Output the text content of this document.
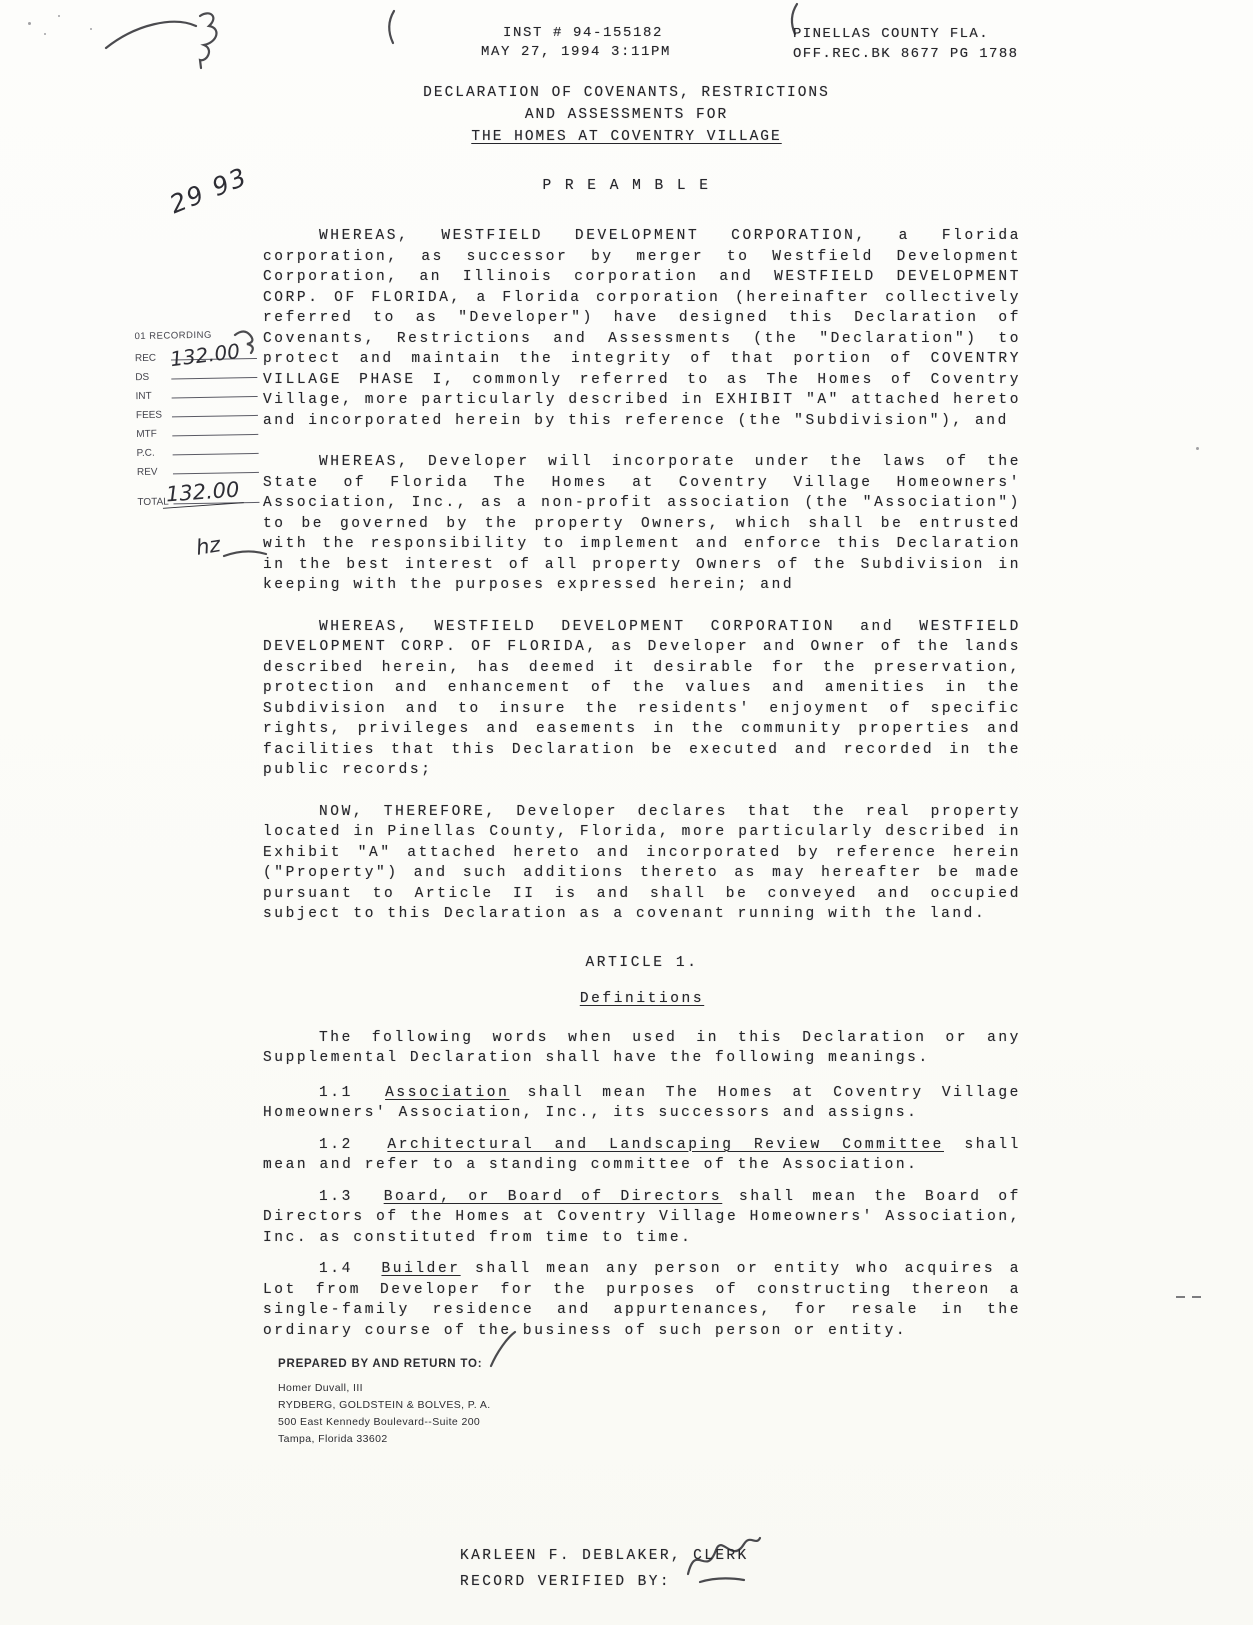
INST # 94-155182
MAY 27, 1994 3:11PM
PINELLAS COUNTY FLA.
OFF.REC.BK 8677 PG 1788
DECLARATION OF COVENANTS, RESTRICTIONS
AND ASSESSMENTS FOR
THE HOMES AT COVENTRY VILLAGE
P R E A M B L E
29 93
01 RECORDING
REC
DS
INT
FEES
MTF
P.C.
REV
TOTAL
132.00
132.00
hz

WHEREAS, WESTFIELD DEVELOPMENT CORPORATION, a Florida corporation, as successor by merger to Westfield Development Corporation, an Illinois corporation and WESTFIELD DEVELOPMENT CORP. OF FLORIDA, a Florida corporation (hereinafter collectively referred to as "Developer") have designed this Declaration of Covenants, Restrictions and Assessments (the "Declaration") to protect and maintain the integrity of that portion of COVENTRY VILLAGE PHASE I, commonly referred to as The Homes of Coventry Village, more particularly described in EXHIBIT "A" attached hereto and incorporated herein by this reference (the "Subdivision"), and

WHEREAS, Developer will incorporate under the laws of the State of Florida The Homes at Coventry Village Homeowners' Association, Inc., as a non-profit association (the "Association") to be governed by the property Owners, which shall be entrusted with the responsibility to implement and enforce this Declaration in the best interest of all property Owners of the Subdivision in keeping with the purposes expressed herein; and

WHEREAS, WESTFIELD DEVELOPMENT CORPORATION and WESTFIELD DEVELOPMENT CORP. OF FLORIDA, as Developer and Owner of the lands described herein, has deemed it desirable for the preservation, protection and enhancement of the values and amenities in the Subdivision and to insure the residents' enjoyment of specific rights, privileges and easements in the community properties and facilities that this Declaration be executed and recorded in the public records;

NOW, THEREFORE, Developer declares that the real property located in Pinellas County, Florida, more particularly described in Exhibit "A" attached hereto and incorporated by reference herein ("Property") and such additions thereto as may hereafter be made pursuant to Article II is and shall be conveyed and occupied subject to this Declaration as a covenant running with the land.

ARTICLE 1.
Definitions

The following words when used in this Declaration or any Supplemental Declaration shall have the following meanings.

1.1 Association shall mean The Homes at Coventry Village Homeowners' Association, Inc., its successors and assigns.

1.2 Architectural and Landscaping Review Committee shall mean and refer to a standing committee of the Association.

1.3 Board, or Board of Directors shall mean the Board of Directors of the Homes at Coventry Village Homeowners' Association, Inc. as constituted from time to time.

1.4 Builder shall mean any person or entity who acquires a Lot from Developer for the purposes of constructing thereon a single-family residence and appurtenances, for resale in the ordinary course of the business of such person or entity.

PREPARED BY AND RETURN TO:
Homer Duvall, III
RYDBERG, GOLDSTEIN & BOLVES, P. A.
500 East Kennedy Boulevard--Suite 200
Tampa, Florida 33602
KARLEEN F. DEBLAKER, CLERK
RECORD VERIFIED BY:
